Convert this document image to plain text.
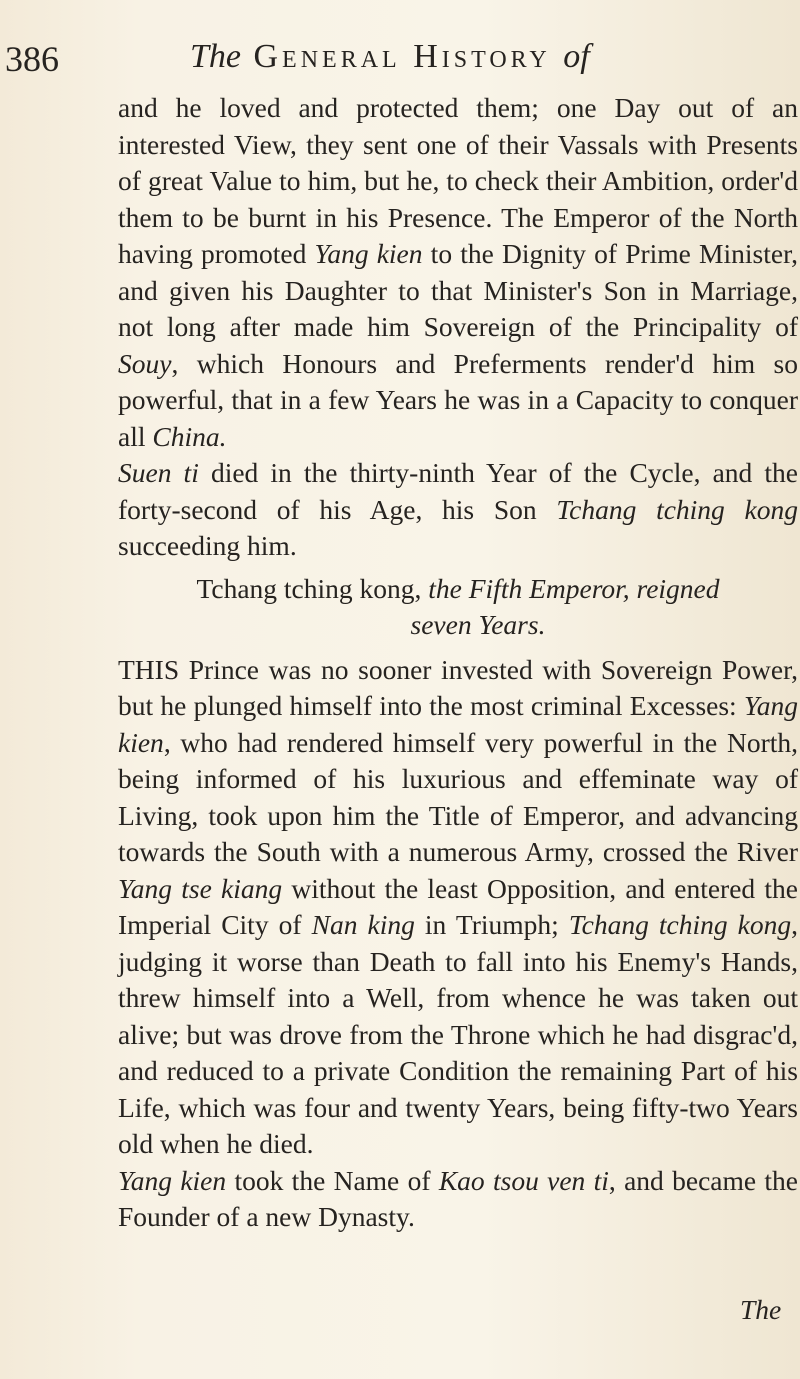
386	The General History of

and he loved and protected them; one Day out of an interested View, they sent one of their Vassals with Presents of great Value to him, but he, to check their Ambition, order'd them to be burnt in his Presence. The Emperor of the North having promoted Yang kien to the Dignity of Prime Minister, and given his Daughter to that Minister's Son in Marriage, not long after made him Sovereign of the Principality of Souy, which Honours and Preferments render'd him so powerful, that in a few Years he was in a Capacity to conquer all China.

Suen ti died in the thirty-ninth Year of the Cycle, and the forty-second of his Age, his Son Tchang tching kong succeeding him.

Tchang tching kong, the Fifth Emperor, reigned
seven Years.

THIS Prince was no sooner invested with Sovereign Power, but he plunged himself into the most criminal Excesses: Yang kien, who had rendered himself very powerful in the North, being informed of his luxurious and effeminate way of Living, took upon him the Title of Emperor, and advancing towards the South with a numerous Army, crossed the River Yang tse kiang without the least Opposition, and entered the Imperial City of Nan king in Triumph; Tchang tching kong, judging it worse than Death to fall into his Enemy's Hands, threw himself into a Well, from whence he was taken out alive; but was drove from the Throne which he had disgrac'd, and reduced to a private Condition the remaining Part of his Life, which was four and twenty Years, being fifty-two Years old when he died.

Yang kien took the Name of Kao tsou ven ti, and became the Founder of a new Dynasty.

The
